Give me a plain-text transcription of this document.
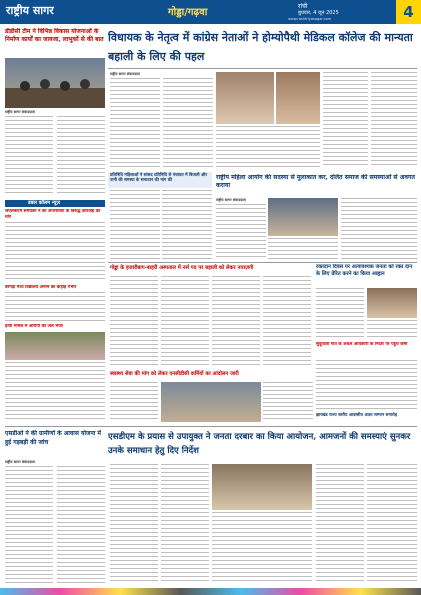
राष्ट्रीय सागर	गोड्डा/गढ़वा
रांची
बुधवार, 4 जून 2025
www.rashtriyasagar.com	4
डीडीसी टीम ने विभिन्न विकास योजनाओं के निर्माण कार्यों का जायजा, लाभुकों से की बात
राष्ट्रीय सागर संवाददाता
डबल कॉलम न्यूज़
जेएलकेएम समर्थकों ने की अपराधियों के विरुद्ध कार्रवाई की मांग
बरगड़ा मध्य विद्यालय अनाम की बाहाह गंभीर
हत्या मामले में आरोपी को जेल भेजा
विधायक के नेतृत्व में कांग्रेस नेताओं ने होम्योपैथी मेडिकल कॉलेज की मान्यता बहाली के लिए की पहल
राष्ट्रीय सागर संवाददाता
प्रतिनिधि महिलाओं ने सांसद प्रतिनिधि से पंचायत में बिजली और पानी की समस्या के समाधान की मांग की	राष्ट्रीय महिला आयोग की सदस्या से मुलाकात कर, दलित समाज की समस्याओं से अवगत कराया
राष्ट्रीय सागर संवाददाता
गोड्डा के हजारीबाग-बाहरी अस्पताल में नर्स पद पर बहाली को लेकर नाराज़गी	रक्तदान दिवस पर अत्यावश्यक जनता को रक्त दान के लिए प्रेरित करने का किया आह्वान
सुदूरवर्ती गांव के अंचल अधिकारी के निर्देश पर पहुंचे कर्मी
स्वास्थ्य सेवा की मांग को लेकर एनसीडीसी कर्मियों का आंदोलन जारी
झारखंड राज्य स्तरीय आवासीय आशा सम्मान समारोह
एसडीओ ने की ग्रामीणों के आवास योजना में हुई गड़बड़ी की जांच
राष्ट्रीय सागर संवाददाता
एसडीएम के प्रयास से उपायुक्त ने जनता दरबार का किया आयोजन, आमजनों की समस्याएं सुनकर उनके समाधान हेतु दिए निर्देश
